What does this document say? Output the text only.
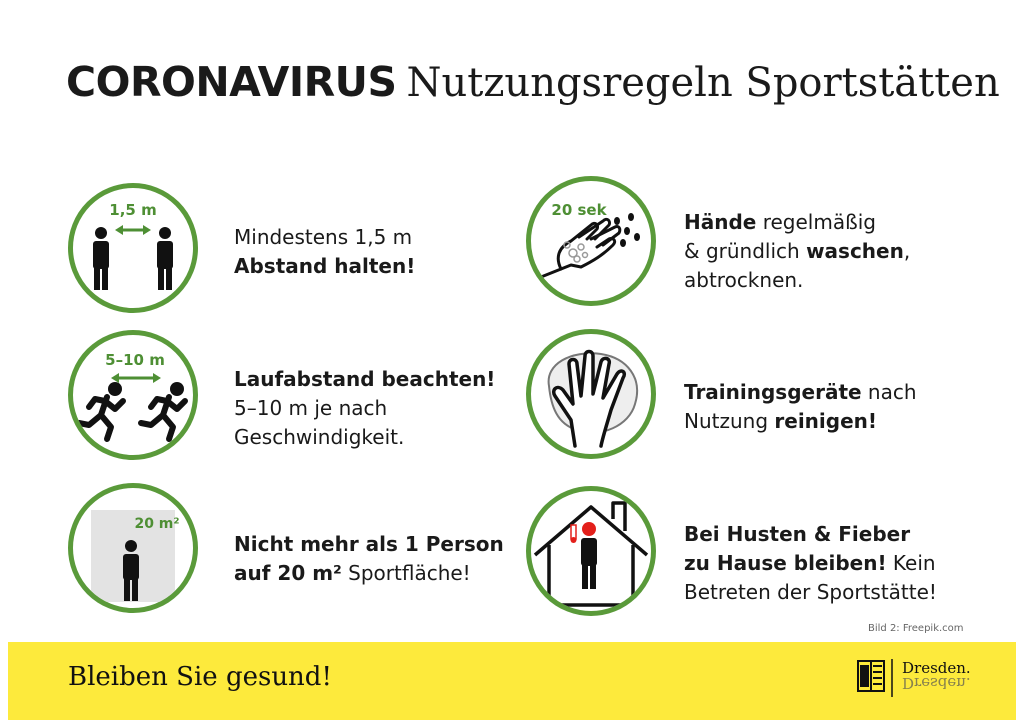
CORONAVIRUS Nutzungsregeln Sportstätten
1,5 m
Mindestens 1,5 m
Abstand halten!
5–10 m
Laufabstand beachten!
5–10 m je nach
Geschwindigkeit.
20 m²
Nicht mehr als 1 Person
auf 20 m² Sportfläche!
20 sek	Hände regelmäßig
& gründlich waschen,
abtrocknen.
Trainingsgeräte nach
Nutzung reinigen!
Bei Husten & Fieber
zu Hause bleiben! Kein
Betreten der Sportstätte!
Bild 2: Freepik.com
Bleiben Sie gesund!	Dresden.
Dresden.
